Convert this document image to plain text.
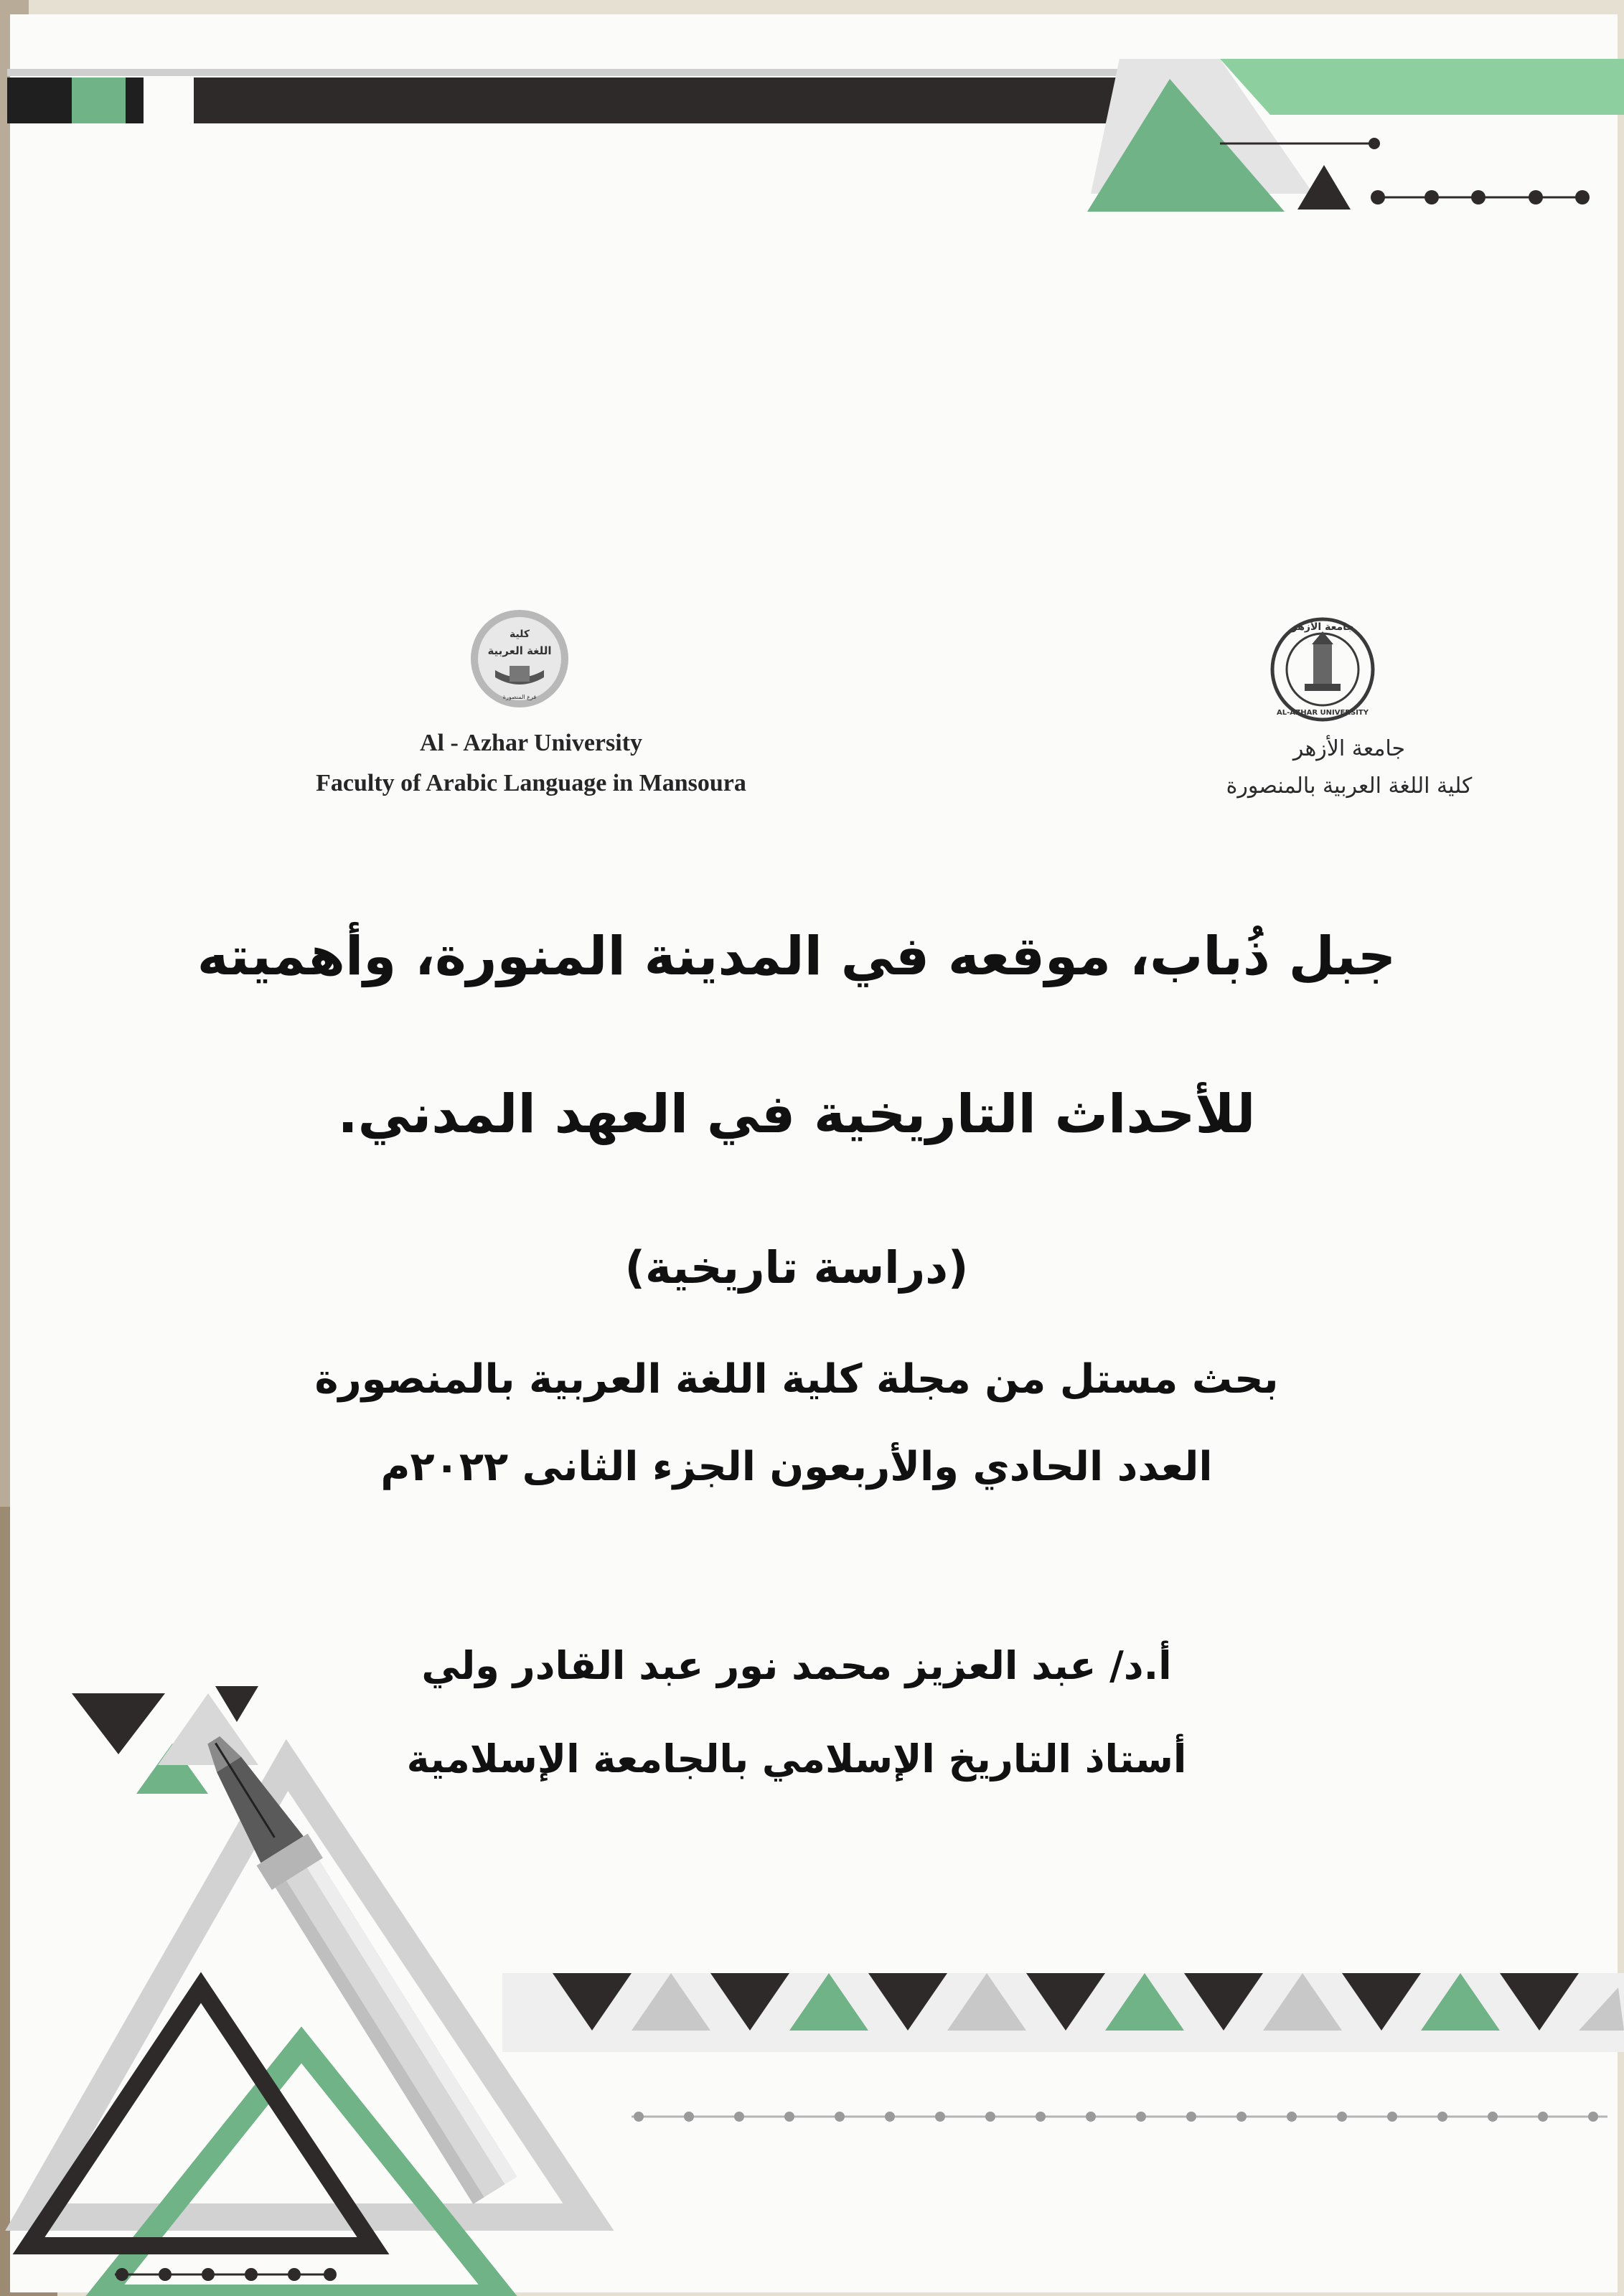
كلية
اللغة العربية
فرع المنصورة
جامعة الأزهر
AL-AZHAR UNIVERSITY
Al - Azhar University
Faculty of Arabic Language in Mansoura
جامعة الأزهر
كلية اللغة العربية بالمنصورة
جبل ذُباب، موقعه في المدينة المنورة، وأهميته
للأحداث التاريخية في العهد المدني.
(دراسة تاريخية)
بحث مستل من مجلة كلية اللغة العربية بالمنصورة
العدد الحادي والأربعون الجزء الثانى ٢٠٢٢م
أ.د/ عبد العزيز محمد نور عبد القادر ولي
أستاذ التاريخ الإسلامي بالجامعة الإسلامية
